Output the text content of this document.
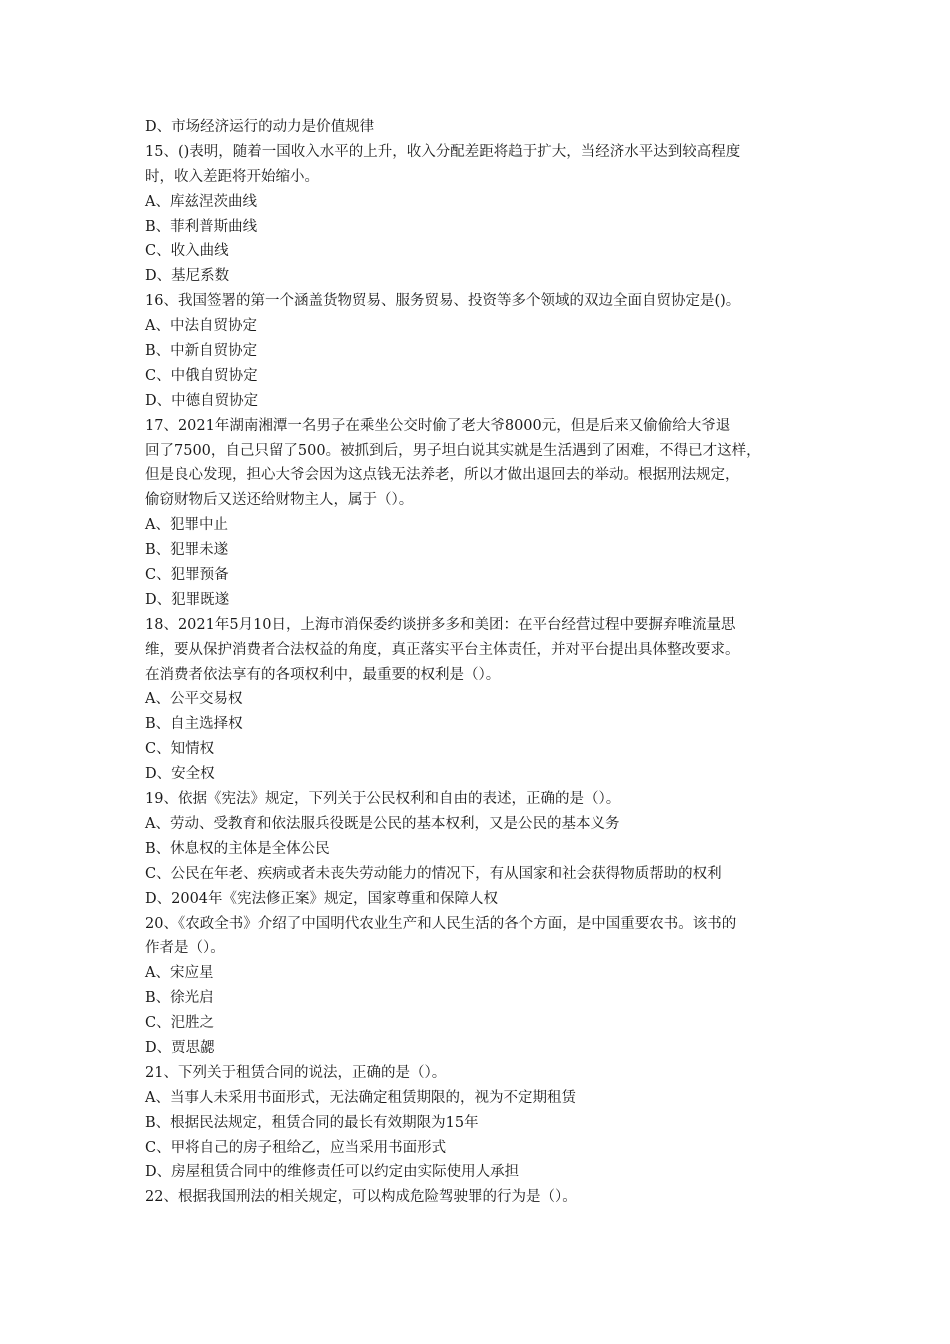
D、市场经济运行的动力是价值规律
15、()表明，随着一国收入水平的上升，收入分配差距将趋于扩大，当经济水平达到较高程度
时，收入差距将开始缩小。
A、库兹涅茨曲线
B、菲利普斯曲线
C、收入曲线
D、基尼系数
16、我国签署的第一个涵盖货物贸易、服务贸易、投资等多个领域的双边全面自贸协定是()。
A、中法自贸协定
B、中新自贸协定
C、中俄自贸协定
D、中德自贸协定
17、2021年湖南湘潭一名男子在乘坐公交时偷了老大爷8000元，但是后来又偷偷给大爷退
回了7500，自己只留了500。被抓到后，男子坦白说其实就是生活遇到了困难，不得已才这样，
但是良心发现，担心大爷会因为这点钱无法养老，所以才做出退回去的举动。根据刑法规定，
偷窃财物后又送还给财物主人，属于（）。
A、犯罪中止
B、犯罪未遂
C、犯罪预备
D、犯罪既遂
18、2021年5月10日，上海市消保委约谈拼多多和美团：在平台经营过程中要摒弃唯流量思
维，要从保护消费者合法权益的角度，真正落实平台主体责任，并对平台提出具体整改要求。
在消费者依法享有的各项权利中，最重要的权利是（）。
A、公平交易权
B、自主选择权
C、知情权
D、安全权
19、依据《宪法》规定，下列关于公民权利和自由的表述，正确的是（）。
A、劳动、受教育和依法服兵役既是公民的基本权利，又是公民的基本义务
B、休息权的主体是全体公民
C、公民在年老、疾病或者未丧失劳动能力的情况下，有从国家和社会获得物质帮助的权利
D、2004年《宪法修正案》规定，国家尊重和保障人权
20、《农政全书》介绍了中国明代农业生产和人民生活的各个方面，是中国重要农书。该书的
作者是（）。
A、宋应星
B、徐光启
C、汜胜之
D、贾思勰
21、下列关于租赁合同的说法，正确的是（）。
A、当事人未采用书面形式，无法确定租赁期限的，视为不定期租赁
B、根据民法规定，租赁合同的最长有效期限为15年
C、甲将自己的房子租给乙，应当采用书面形式
D、房屋租赁合同中的维修责任可以约定由实际使用人承担
22、根据我国刑法的相关规定，可以构成危险驾驶罪的行为是（）。
